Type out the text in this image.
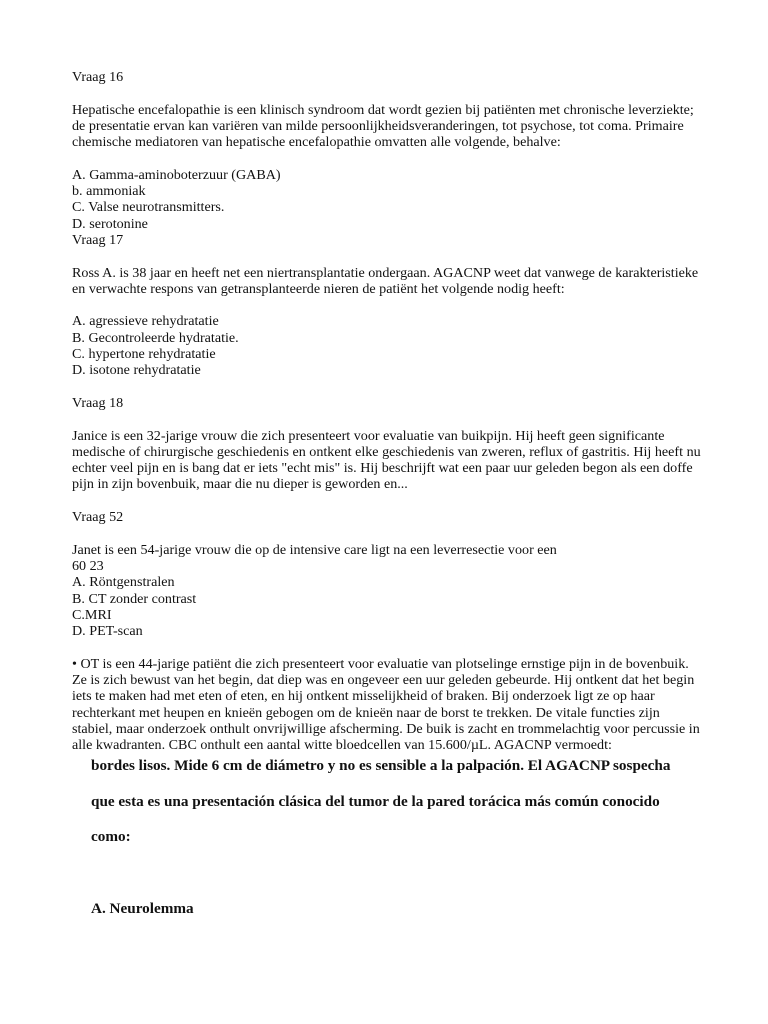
Vraag 16
Hepatische encefalopathie is een klinisch syndroom dat wordt gezien bij patiënten met chronische leverziekte;
de presentatie ervan kan variëren van milde persoonlijkheidsveranderingen, tot psychose, tot coma. Primaire
chemische mediatoren van hepatische encefalopathie omvatten alle volgende, behalve:
A. Gamma-aminoboterzuur (GABA)
b. ammoniak
C. Valse neurotransmitters.
D. serotonine
Vraag 17
Ross A. is 38 jaar en heeft net een niertransplantatie ondergaan. AGACNP weet dat vanwege de karakteristieke
en verwachte respons van getransplanteerde nieren de patiënt het volgende nodig heeft:
A. agressieve rehydratatie
B. Gecontroleerde hydratatie.
C. hypertone rehydratatie
D. isotone rehydratatie
Vraag 18
Janice is een 32-jarige vrouw die zich presenteert voor evaluatie van buikpijn. Hij heeft geen significante
medische of chirurgische geschiedenis en ontkent elke geschiedenis van zweren, reflux of gastritis. Hij heeft nu
echter veel pijn en is bang dat er iets "echt mis" is. Hij beschrijft wat een paar uur geleden begon als een doffe
pijn in zijn bovenbuik, maar die nu dieper is geworden en...
Vraag 52
Janet is een 54-jarige vrouw die op de intensive care ligt na een leverresectie voor een
60 23
A. Röntgenstralen
B. CT zonder contrast
C.MRI
D. PET-scan
• OT is een 44-jarige patiënt die zich presenteert voor evaluatie van plotselinge ernstige pijn in de bovenbuik.
Ze is zich bewust van het begin, dat diep was en ongeveer een uur geleden gebeurde. Hij ontkent dat het begin
iets te maken had met eten of eten, en hij ontkent misselijkheid of braken. Bij onderzoek ligt ze op haar
rechterkant met heupen en knieën gebogen om de knieën naar de borst te trekken. De vitale functies zijn
stabiel, maar onderzoek onthult onvrijwillige afscherming. De buik is zacht en trommelachtig voor percussie in
alle kwadranten. CBC onthult een aantal witte bloedcellen van 15.600/µL. AGACNP vermoedt:
bordes lisos. Mide 6 cm de diámetro y no es sensible a la palpación. El AGACNP sospecha
que esta es una presentación clásica del tumor de la pared torácica más común conocido
como:
A. Neurolemma
